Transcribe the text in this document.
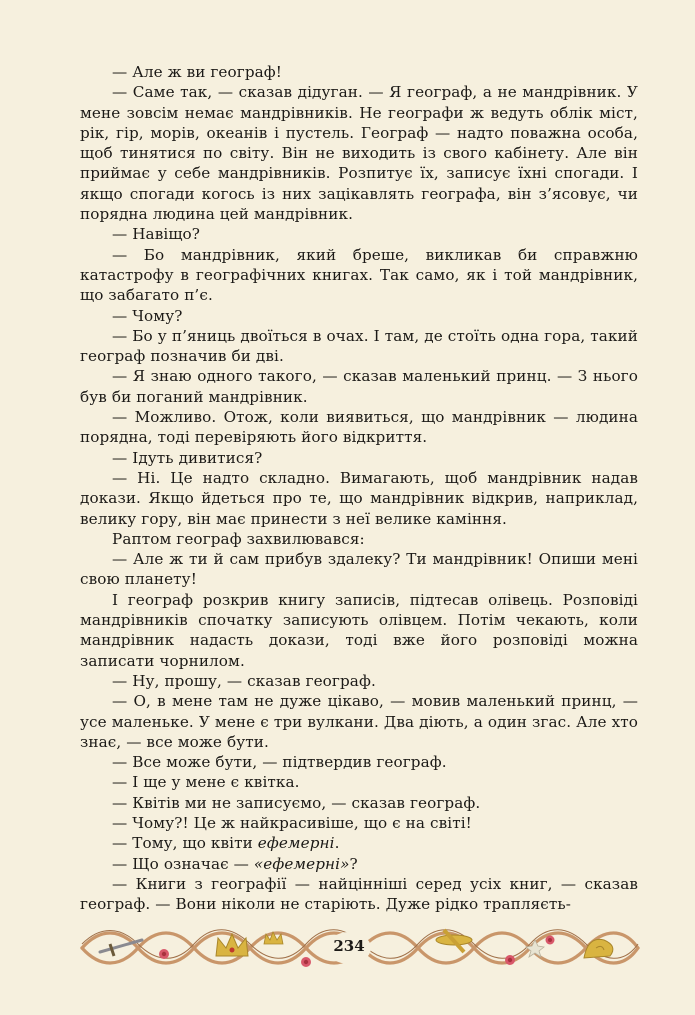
— Але ж ви географ!

— Саме так, — сказав дідуган. — Я географ, а не мандрівник. У мене зовсім немає мандрівників. Не географи ж ведуть облік міст, рік, гір, морів, океанів і пустель. Географ — надто поважна особа, щоб тинятися по світу. Він не виходить із свого кабінету. Але він приймає у себе мандрівників. Розпитує їх, записує їхні спогади. І якщо спогади когось із них зацікавлять географа, він з’ясовує, чи порядна людина цей мандрівник.

— Навіщо?

— Бо мандрівник, який бреше, викликав би справжню катастрофу в географічних книгах. Так само, як і той мандрівник, що забагато п’є.

— Чому?

— Бо у п’яниць двоїться в очах. І там, де стоїть одна гора, такий географ позначив би дві.

— Я знаю одного такого, — сказав маленький принц. — З нього був би поганий мандрівник.

— Можливо. Отож, коли виявиться, що мандрівник — людина порядна, тоді перевіряють його відкриття.

— Ідуть дивитися?

— Ні. Це надто складно. Вимагають, щоб мандрівник надав докази. Якщо йдеться про те, що мандрівник відкрив, наприклад, велику гору, він має принести з неї велике каміння.

Раптом географ захвилювався:

— Але ж ти й сам прибув здалеку? Ти мандрівник! Опиши мені свою планету!

І географ розкрив книгу записів, підтесав олівець. Розповіді мандрівників спочатку записують олівцем. Потім чекають, коли мандрівник надасть докази, тоді вже його розповіді можна записати чорнилом.

— Ну, прошу, — сказав географ.

— О, в мене там не дуже цікаво, — мовив маленький принц, — усе маленьке. У мене є три вулкани. Два діють, а один згас. Але хто знає, — все може бути.

— Все може бути, — підтвердив географ.

— І ще у мене є квітка.

— Квітів ми не записуємо, — сказав географ.

— Чому?! Це ж найкрасивіше, що є на світі!

— Тому, що квіти ефемерні.

— Що означає — «ефемерні»?

— Книги з географії — найцінніші серед усіх книг, — сказав географ. — Вони ніколи не старіють. Дуже рідко трапляєть-

234
